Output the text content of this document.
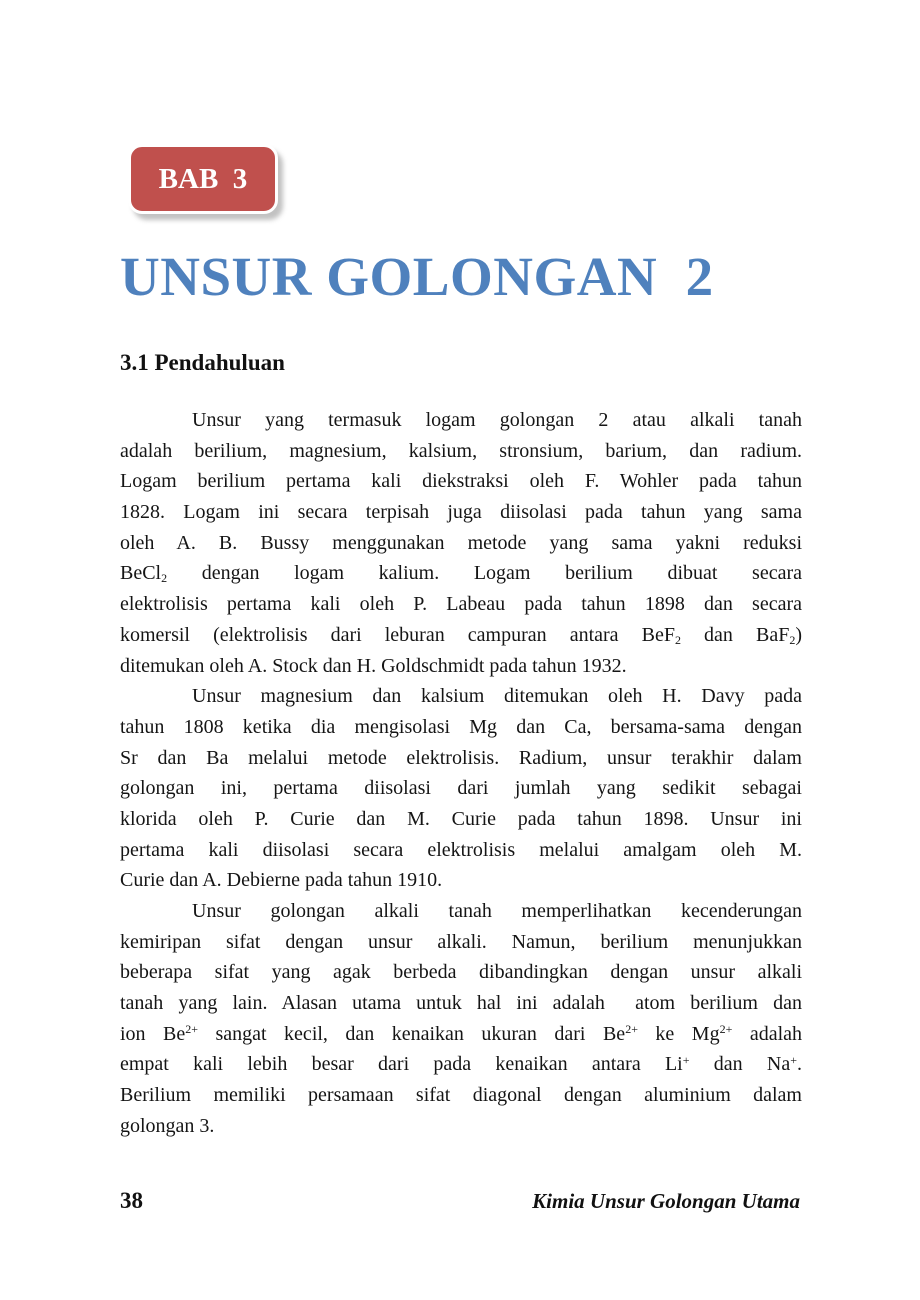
BAB  3
UNSUR GOLONGAN  2
3.1 Pendahuluan
Unsur yang termasuk logam golongan 2 atau alkali tanah
adalah berilium, magnesium, kalsium, stronsium, barium, dan radium.
Logam berilium pertama kali diekstraksi oleh F. Wohler pada tahun
1828. Logam ini secara terpisah juga diisolasi pada tahun yang sama
oleh A. B. Bussy menggunakan metode yang sama yakni reduksi
BeCl$_2$ dengan logam kalium. Logam berilium dibuat secara
elektrolisis pertama kali oleh P. Labeau pada tahun 1898 dan secara
komersil (elektrolisis dari leburan campuran antara BeF$_2$ dan BaF$_2$)
ditemukan oleh A. Stock dan H. Goldschmidt pada tahun 1932.
Unsur magnesium dan kalsium ditemukan oleh H. Davy pada
tahun 1808 ketika dia mengisolasi Mg dan Ca, bersama-sama dengan
Sr dan Ba melalui metode elektrolisis. Radium, unsur terakhir dalam
golongan ini, pertama diisolasi dari jumlah yang sedikit sebagai
klorida oleh P. Curie dan M. Curie pada tahun 1898. Unsur ini
pertama kali diisolasi secara elektrolisis melalui amalgam oleh M.
Curie dan A. Debierne pada tahun 1910.
Unsur golongan alkali tanah memperlihatkan kecenderungan
kemiripan sifat dengan unsur alkali. Namun, berilium menunjukkan
beberapa sifat yang agak berbeda dibandingkan dengan unsur alkali
tanah yang lain. Alasan utama untuk hal ini adalah  atom berilium dan
ion $Be^{2+}$ sangat kecil, dan kenaikan ukuran dari $Be^{2+}$ ke $Mg^{2+}$ adalah
empat kali lebih besar dari pada kenaikan antara Li+ dan Na+.
Berilium memiliki persamaan sifat diagonal dengan aluminium dalam
golongan 3.
38	Kimia Unsur Golongan Utama
